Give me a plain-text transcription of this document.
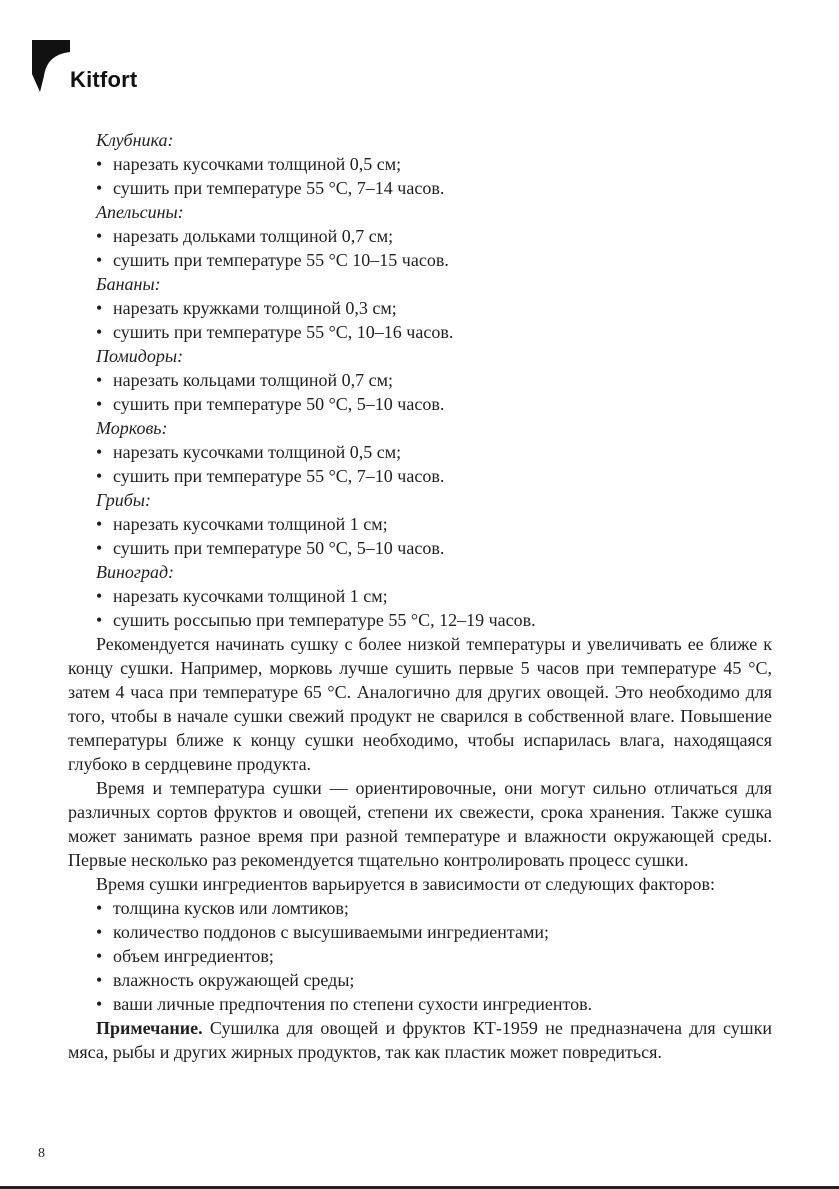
Kitfort
Клубника:
• нарезать кусочками толщиной 0,5 см;
• сушить при температуре 55 °С, 7–14 часов.
Апельсины:
• нарезать дольками толщиной 0,7 см;
• сушить при температуре 55 °С 10–15 часов.
Бананы:
• нарезать кружками толщиной 0,3 см;
• сушить при температуре 55 °С, 10–16 часов.
Помидоры:
• нарезать кольцами толщиной 0,7 см;
• сушить при температуре 50 °С, 5–10 часов.
Морковь:
• нарезать кусочками толщиной 0,5 см;
• сушить при температуре 55 °С, 7–10 часов.
Грибы:
• нарезать кусочками толщиной 1 см;
• сушить при температуре 50 °С, 5–10 часов.
Виноград:
• нарезать кусочками толщиной 1 см;
• сушить россыпью при температуре 55 °С, 12–19 часов.

Рекомендуется начинать сушку с более низкой температуры и увеличивать ее ближе к концу сушки. Например, морковь лучше сушить первые 5 часов при температуре 45 °С, затем 4 часа при температуре 65 °С. Аналогично для других овощей. Это необходимо для того, чтобы в начале сушки свежий продукт не сварился в собственной влаге. Повышение температуры ближе к концу сушки необходимо, чтобы испарилась влага, находящаяся глубоко в сердцевине продукта.

Время и температура сушки — ориентировочные, они могут сильно отличаться для различных сортов фруктов и овощей, степени их свежести, срока хранения. Также сушка может занимать разное время при разной температуре и влажности окружающей среды. Первые несколько раз рекомендуется тщательно контролировать процесс сушки.

Время сушки ингредиентов варьируется в зависимости от следующих факторов:

• толщина кусков или ломтиков;
• количество поддонов с высушиваемыми ингредиентами;
• объем ингредиентов;
• влажность окружающей среды;
• ваши личные предпочтения по степени сухости ингредиентов.

Примечание. Сушилка для овощей и фруктов КТ-1959 не предназначена для сушки мяса, рыбы и других жирных продуктов, так как пластик может повредиться.

8
